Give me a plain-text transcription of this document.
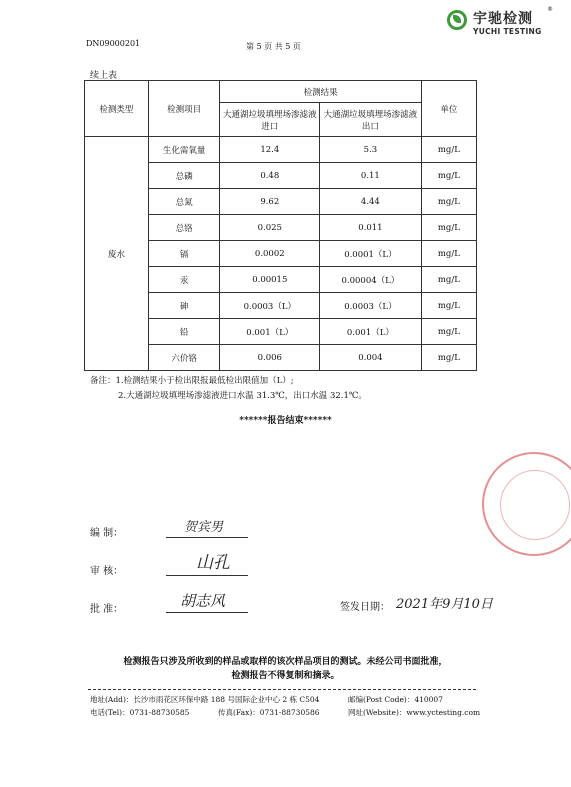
宇驰检测
®
YUCHI TESTING
DN09000201	第 5 页 共 5 页
续上表
检测类型	检测项目	检测结果		单位
		大通湖垃圾填埋场渗滤液进口	大通湖垃圾填埋场渗滤液出口	
废水	生化需氧量	12.4	5.3	mg/L
	总磷	0.48	0.11	mg/L
	总氮	9.62	4.44	mg/L
	总铬	0.025	0.011	mg/L
	镉	0.0002	0.0001（L）	mg/L
	汞	0.00015	0.00004（L）	mg/L
	砷	0.0003（L）	0.0003（L）	mg/L
	铅	0.001（L）	0.001（L）	mg/L
	六价铬	0.006	0.004	mg/L
备注：1.检测结果小于检出限报最低检出限值加（L）;
2.大通湖垃圾填埋场渗滤液进口水温 31.3℃，出口水温 32.1℃。
******报告结束******
编 制：	贺宾男
审 核：	山孔
批 准：	胡志风	签发日期： 2021年9月10日
检测报告只涉及所收到的样品或取样的该次样品项目的测试。未经公司书面批准，
检测报告不得复制和摘录。
地址(Add)：长沙市雨花区环保中路 188 号国际企业中心 2 栋 C504	邮编(Post Code)：410007
电话(Tel)：0731-88730585	传真(Fax)：0731-88730586	网址(Website)：www.yctesting.com
